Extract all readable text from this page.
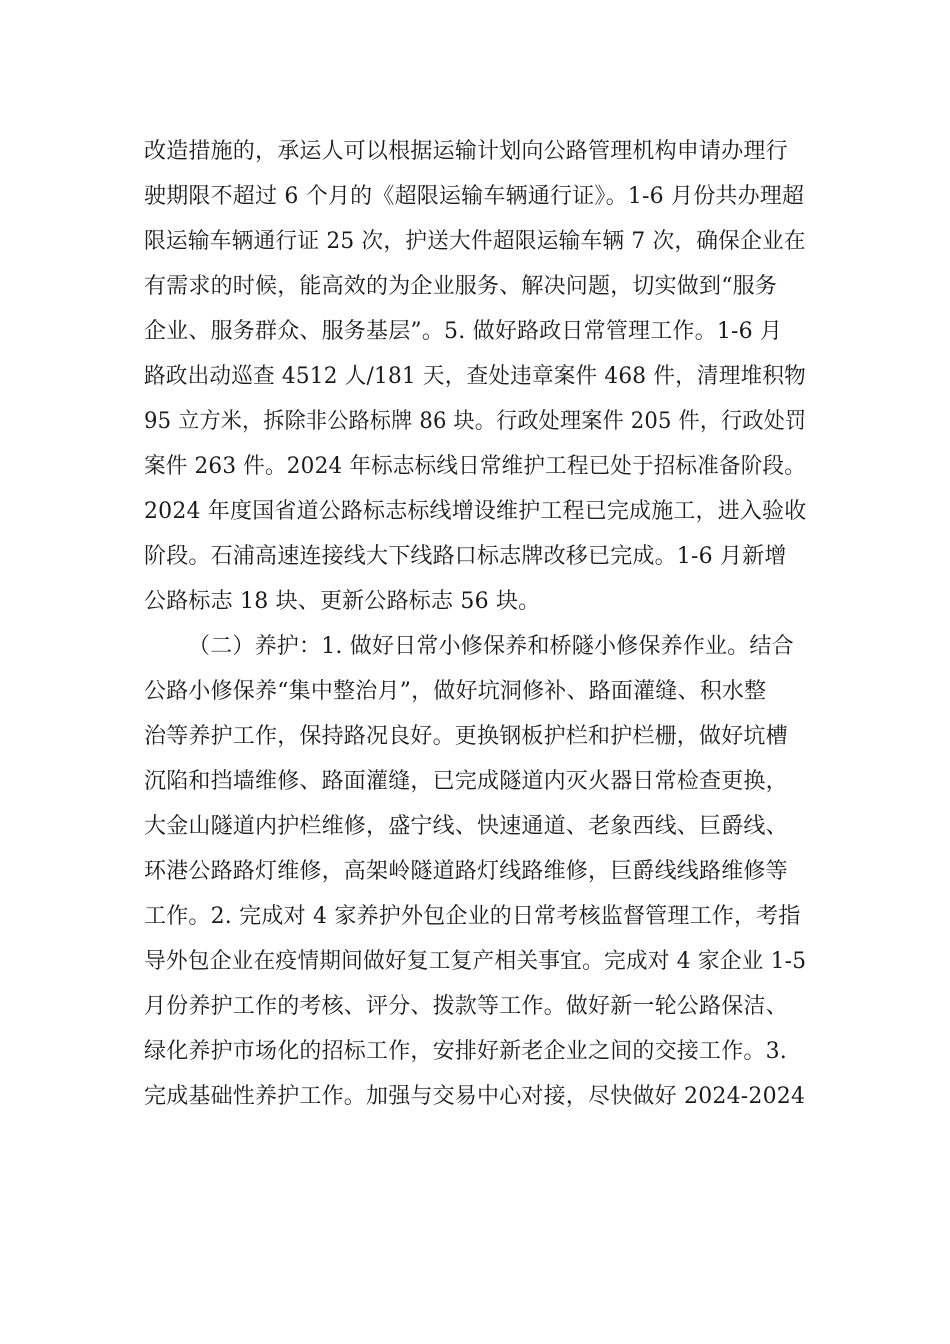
改造措施的，承运人可以根据运输计划向公路管理机构申请办理行
驶期限不超过 6 个月的《超限运输车辆通行证》。1-6 月份共办理超
限运输车辆通行证 25 次，护送大件超限运输车辆 7 次，确保企业在
有需求的时候，能高效的为企业服务、解决问题，切实做到“服务
企业、服务群众、服务基层”。5. 做好路政日常管理工作。1-6 月
路政出动巡查 4512 人/181 天，查处违章案件 468 件，清理堆积物
95 立方米，拆除非公路标牌 86 块。行政处理案件 205 件，行政处罚
案件 263 件。2024 年标志标线日常维护工程已处于招标准备阶段。
2024 年度国省道公路标志标线增设维护工程已完成施工，进入验收
阶段。石浦高速连接线大下线路口标志牌改移已完成。1-6 月新增
公路标志 18 块、更新公路标志 56 块。
（二）养护：1. 做好日常小修保养和桥隧小修保养作业。结合
公路小修保养“集中整治月”，做好坑洞修补、路面灌缝、积水整
治等养护工作，保持路况良好。更换钢板护栏和护栏栅，做好坑槽
沉陷和挡墙维修、路面灌缝，已完成隧道内灭火器日常检查更换，
大金山隧道内护栏维修，盛宁线、快速通道、老象西线、巨爵线、
环港公路路灯维修，高架岭隧道路灯线路维修，巨爵线线路维修等
工作。2. 完成对 4 家养护外包企业的日常考核监督管理工作，考指
导外包企业在疫情期间做好复工复产相关事宜。完成对 4 家企业 1-5
月份养护工作的考核、评分、拨款等工作。做好新一轮公路保洁、
绿化养护市场化的招标工作，安排好新老企业之间的交接工作。3.
完成基础性养护工作。加强与交易中心对接，尽快做好 2024-2024
